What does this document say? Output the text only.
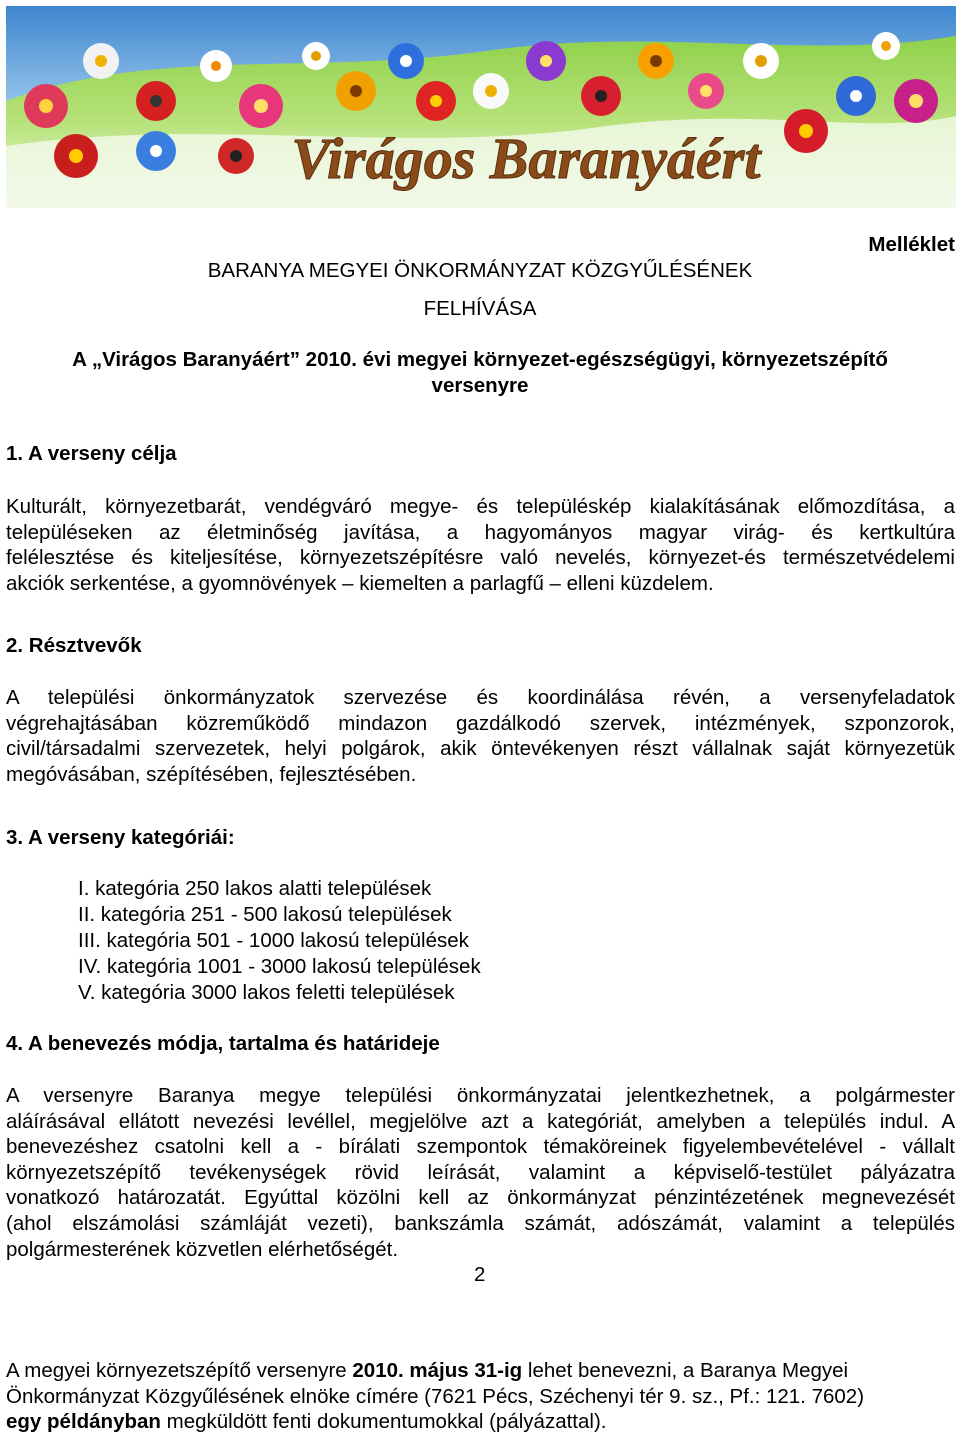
Virágos Baranyáért
Melléklet
BARANYA MEGYEI ÖNKORMÁNYZAT KÖZGYŰLÉSÉNEK
FELHÍVÁSA
A „Virágos Baranyáért” 2010. évi megyei környezet-egészségügyi, környezetszépítő
versenyre
1. A verseny célja
Kulturált, környezetbarát, vendégváró megye- és településkép kialakításának előmozdítása, a
településeken az életminőség javítása, a hagyományos magyar virág- és kertkultúra
felélesztése és kiteljesítése, környezetszépítésre való nevelés, környezet-és természetvédelemi
akciók serkentése, a gyomnövények – kiemelten a parlagfű – elleni küzdelem.
2. Résztvevők
A települési önkormányzatok szervezése és koordinálása révén, a versenyfeladatok
végrehajtásában közreműködő mindazon gazdálkodó szervek, intézmények, szponzorok,
civil/társadalmi szervezetek, helyi polgárok, akik öntevékenyen részt vállalnak saját környezetük
megóvásában, szépítésében, fejlesztésében.
3. A verseny kategóriái:
I. kategória 250 lakos alatti települések
II. kategória 251 - 500 lakosú települések
III. kategória 501 - 1000 lakosú települések
IV. kategória 1001 - 3000 lakosú települések
V. kategória 3000 lakos feletti települések
4. A benevezés módja, tartalma és határideje
A versenyre Baranya megye települési önkormányzatai jelentkezhetnek, a polgármester
aláírásával ellátott nevezési levéllel, megjelölve azt a kategóriát, amelyben a település indul. A
benevezéshez csatolni kell a - bírálati szempontok témaköreinek figyelembevételével - vállalt
környezetszépítő tevékenységek rövid leírását, valamint a képviselő-testület pályázatra
vonatkozó határozatát. Egyúttal közölni kell az önkormányzat pénzintézetének megnevezését
(ahol elszámolási számláját vezeti), bankszámla számát, adószámát, valamint a település
polgármesterének közvetlen elérhetőségét.
2
A megyei környezetszépítő versenyre 2010. május 31-ig lehet benevezni, a Baranya Megyei
Önkormányzat Közgyűlésének elnöke címére (7621 Pécs, Széchenyi tér 9. sz., Pf.: 121. 7602)
egy példányban megküldött fenti dokumentumokkal (pályázattal).
